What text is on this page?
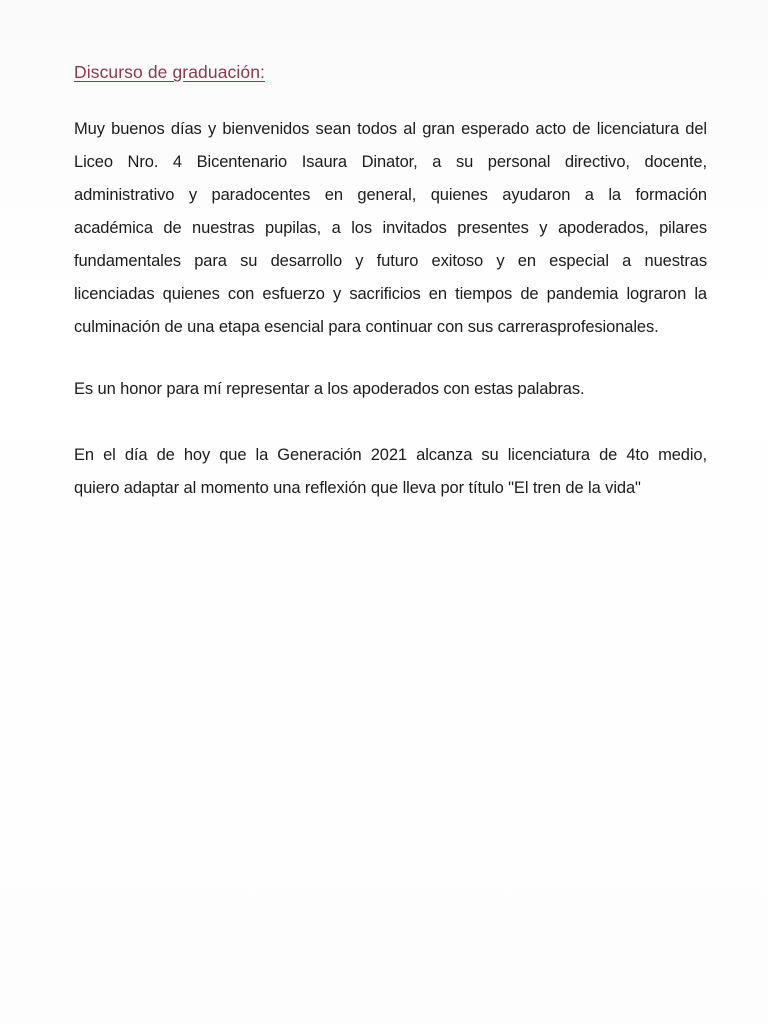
Discurso de graduación:
Muy buenos días y bienvenidos sean todos al gran esperado acto de licenciatura del
Liceo Nro. 4 Bicentenario Isaura Dinator, a su personal directivo, docente,
administrativo y paradocentes en general, quienes ayudaron a la formación
académica de nuestras pupilas, a los invitados presentes y apoderados, pilares
fundamentales para su desarrollo y futuro exitoso y en especial a nuestras
licenciadas quienes con esfuerzo y sacrificios en tiempos de pandemia lograron la
culminación de una etapa esencial para continuar con sus carrerasprofesionales.
Es un honor para mí representar a los apoderados con estas palabras.
En el día de hoy que la Generación 2021 alcanza su licenciatura de 4to medio,
quiero adaptar al momento una reflexión que lleva por título "El tren de la vida"
